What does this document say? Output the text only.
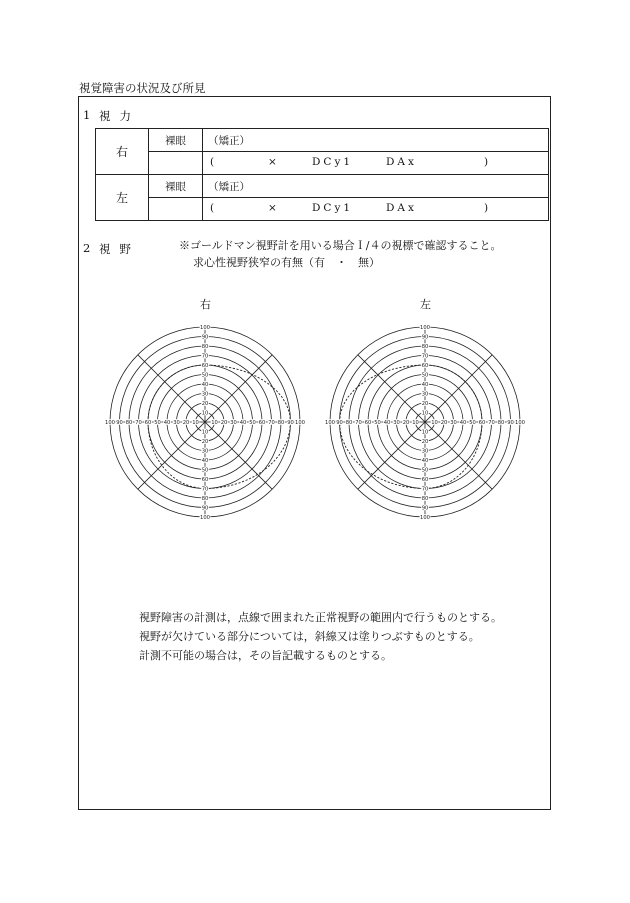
視覚障害の状況及び所見
1 視力
右	裸眼	（矯正）

		( × DCy1 DAx )

左	裸眼	（矯正）

		( × DCy1 DAx )
2 視野	※ゴールドマン視野計を用いる場合Ｉ/４の視標で確認すること。
求心性視野狭窄の有無（有　・　無）
右	左
10
10
10 10
20
20
20	20
30
30
30	30
40
40
40	40
50
50
50	50
60
60
60	60
70
70
70	70
80
80
80	80
90
90
90	90
100
100
100	100
10
10
10 10
20
20
20	20
30
30
30	30
40
40
40	40
50
50
50	50
60
60
60	60
70
70
70	70
80
80
80	80
90
90
90	90
100
100
100	100
視野障害の計測は，点線で囲まれた正常視野の範囲内で行うものとする。
視野が欠けている部分については，斜線又は塗りつぶすものとする。
計測不可能の場合は，その旨記載するものとする。
